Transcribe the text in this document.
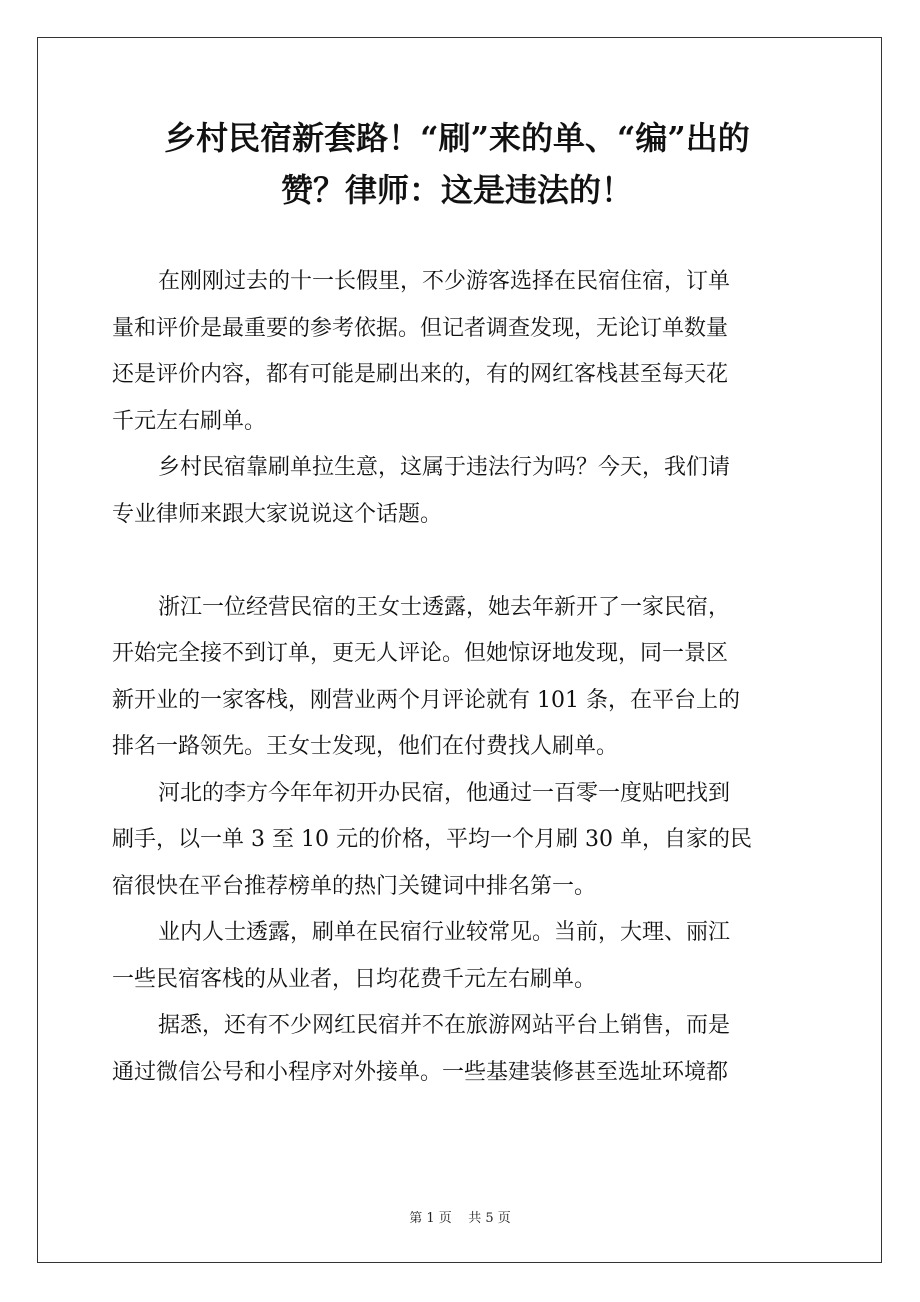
乡村民宿新套路！“刷”来的单、“编”出的
赞？律师：这是违法的！

在刚刚过去的十一长假里，不少游客选择在民宿住宿，订单
量和评价是最重要的参考依据。但记者调查发现，无论订单数量
还是评价内容，都有可能是刷出来的，有的网红客栈甚至每天花
千元左右刷单。

乡村民宿靠刷单拉生意，这属于违法行为吗？今天，我们请
专业律师来跟大家说说这个话题。

浙江一位经营民宿的王女士透露，她去年新开了一家民宿，
开始完全接不到订单，更无人评论。但她惊讶地发现，同一景区
新开业的一家客栈，刚营业两个月评论就有 101 条，在平台上的
排名一路领先。王女士发现，他们在付费找人刷单。

河北的李方今年年初开办民宿，他通过一百零一度贴吧找到
刷手，以一单 3 至 10 元的价格，平均一个月刷 30 单，自家的民
宿很快在平台推荐榜单的热门关键词中排名第一。

业内人士透露，刷单在民宿行业较常见。当前，大理、丽江
一些民宿客栈的从业者，日均花费千元左右刷单。

据悉，还有不少网红民宿并不在旅游网站平台上销售，而是
通过微信公号和小程序对外接单。一些基建装修甚至选址环境都

第 1 页 共 5 页
